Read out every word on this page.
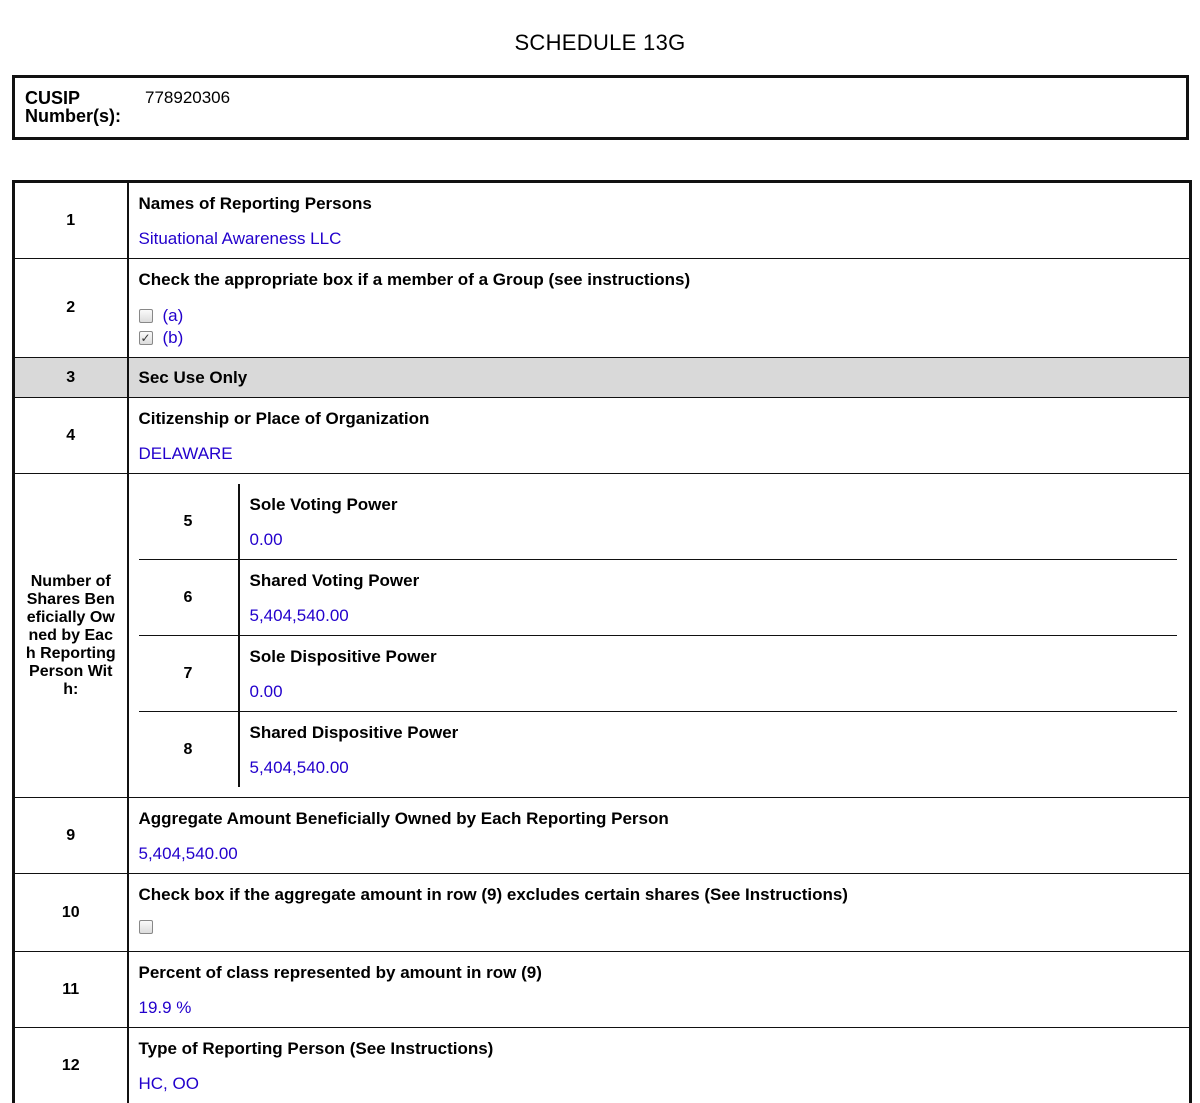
SCHEDULE 13G
CUSIP Number(s):
778920306
1	
Names of Reporting Persons
Situational Awareness LLC

2	
Check the appropriate box if a member of a Group (see instructions)
(a)
✓ (b)

3	Sec Use Only

4	
Citizenship or Place of Organization
DELAWARE

Number of Shares Beneficially Owned by Each Reporting Person With:

5	
Sole Voting Power
0.00

6	
Shared Voting Power
5,404,540.00

7	
Sole Dispositive Power
0.00

8	
Shared Dispositive Power
5,404,540.00

9	
Aggregate Amount Beneficially Owned by Each Reporting Person
5,404,540.00

10	
Check box if the aggregate amount in row (9) excludes certain shares (See Instructions)

11	
Percent of class represented by amount in row (9)
19.9 %

12	
Type of Reporting Person (See Instructions)
HC, OO
